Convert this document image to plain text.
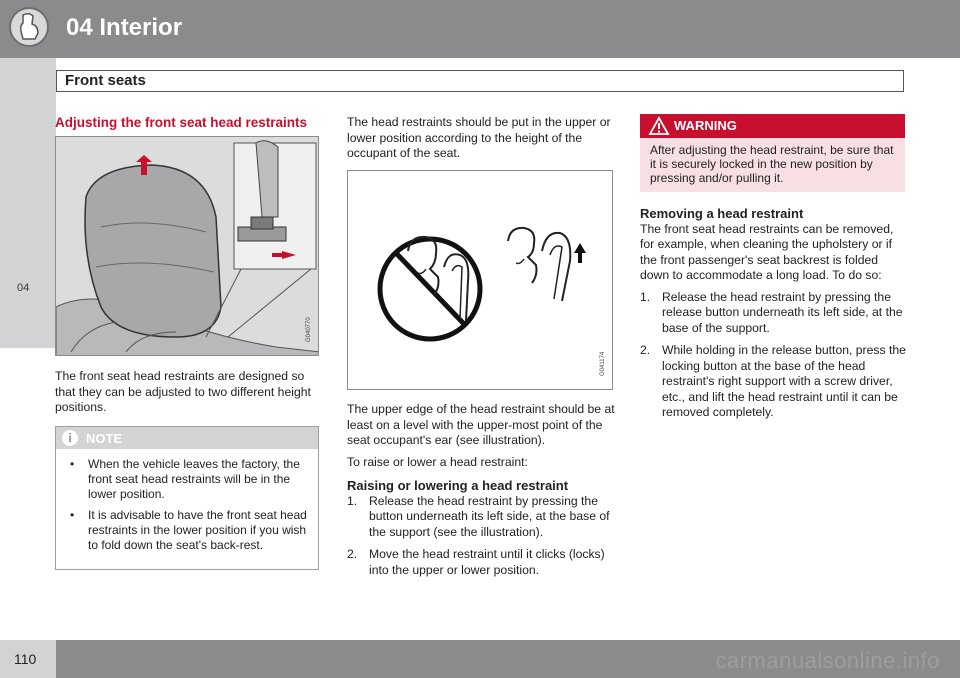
04 Interior
Front seats
04
Adjusting the front seat head restraints
G040770

The front seat head restraints are designed so that they can be adjusted to two different height positions.

i	NOTE
• When the vehicle leaves the factory, the front seat head restraints will be in the lower position.
• It is advisable to have the front seat head restraints in the lower position if you wish to fold down the seat's back-rest.

The head restraints should be put in the upper or lower position according to the height of the occupant of the seat.

G041174

The upper edge of the head restraint should be at least on a level with the upper-most point of the seat occupant's ear (see illustration).

To raise or lower a head restraint:

Raising or lowering a head restraint
1. Release the head restraint by pressing the button underneath its left side, at the base of the support (see the illustration).
2. Move the head restraint until it clicks (locks) into the upper or lower position.
WARNING
After adjusting the head restraint, be sure that it is securely locked in the new position by pressing and/or pulling it.
Removing a head restraint

The front seat head restraints can be removed, for example, when cleaning the upholstery or if the front passenger's seat backrest is folded down to accommodate a long load. To do so:

1. Release the head restraint by pressing the release button underneath its left side, at the base of the support.
2. While holding in the release button, press the locking button at the base of the head restraint's right support with a screw driver, etc., and lift the head restraint until it can be removed completely.
carmanualsonline.info
110
